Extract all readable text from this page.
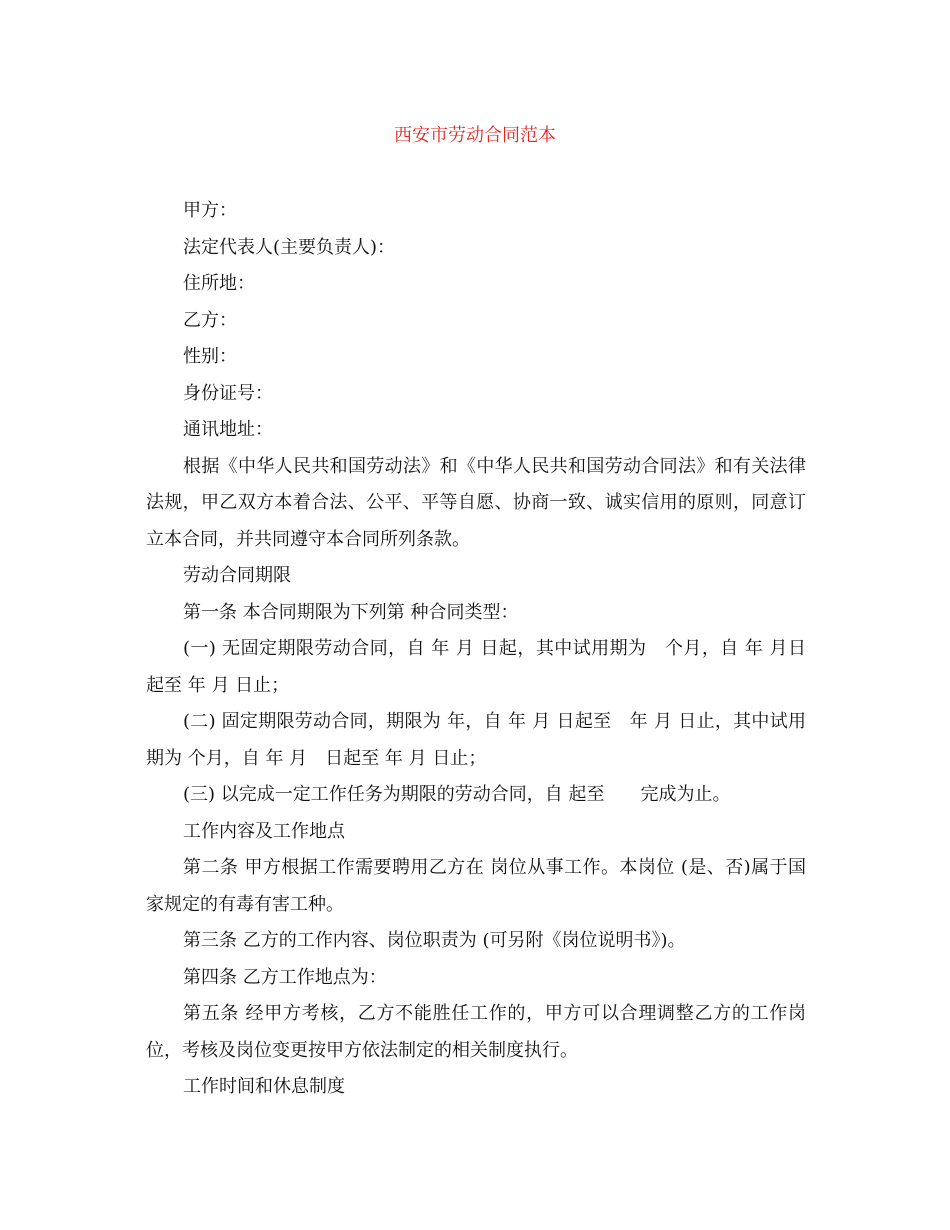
西安市劳动合同范本

甲方：

法定代表人(主要负责人)：

住所地：

乙方：

性别：

身份证号：

通讯地址：

根据《中华人民共和国劳动法》和《中华人民共和国劳动合同法》和有关法律法规，甲乙双方本着合法、公平、平等自愿、协商一致、诚实信用的原则，同意订立本合同，并共同遵守本合同所列条款。

劳动合同期限

第一条 本合同期限为下列第 种合同类型：

(一) 无固定期限劳动合同，自 年 月 日起，其中试用期为　个月，自 年 月日起至 年 月 日止；

(二) 固定期限劳动合同，期限为 年，自 年 月 日起至　年 月 日止，其中试用期为 个月，自 年 月　日起至 年 月 日止；

(三) 以完成一定工作任务为期限的劳动合同，自 起至　　完成为止。

工作内容及工作地点

第二条 甲方根据工作需要聘用乙方在 岗位从事工作。本岗位 (是、否)属于国家规定的有毒有害工种。

第三条 乙方的工作内容、岗位职责为 (可另附《岗位说明书》)。

第四条 乙方工作地点为：

第五条 经甲方考核，乙方不能胜任工作的，甲方可以合理调整乙方的工作岗位，考核及岗位变更按甲方依法制定的相关制度执行。

工作时间和休息制度
